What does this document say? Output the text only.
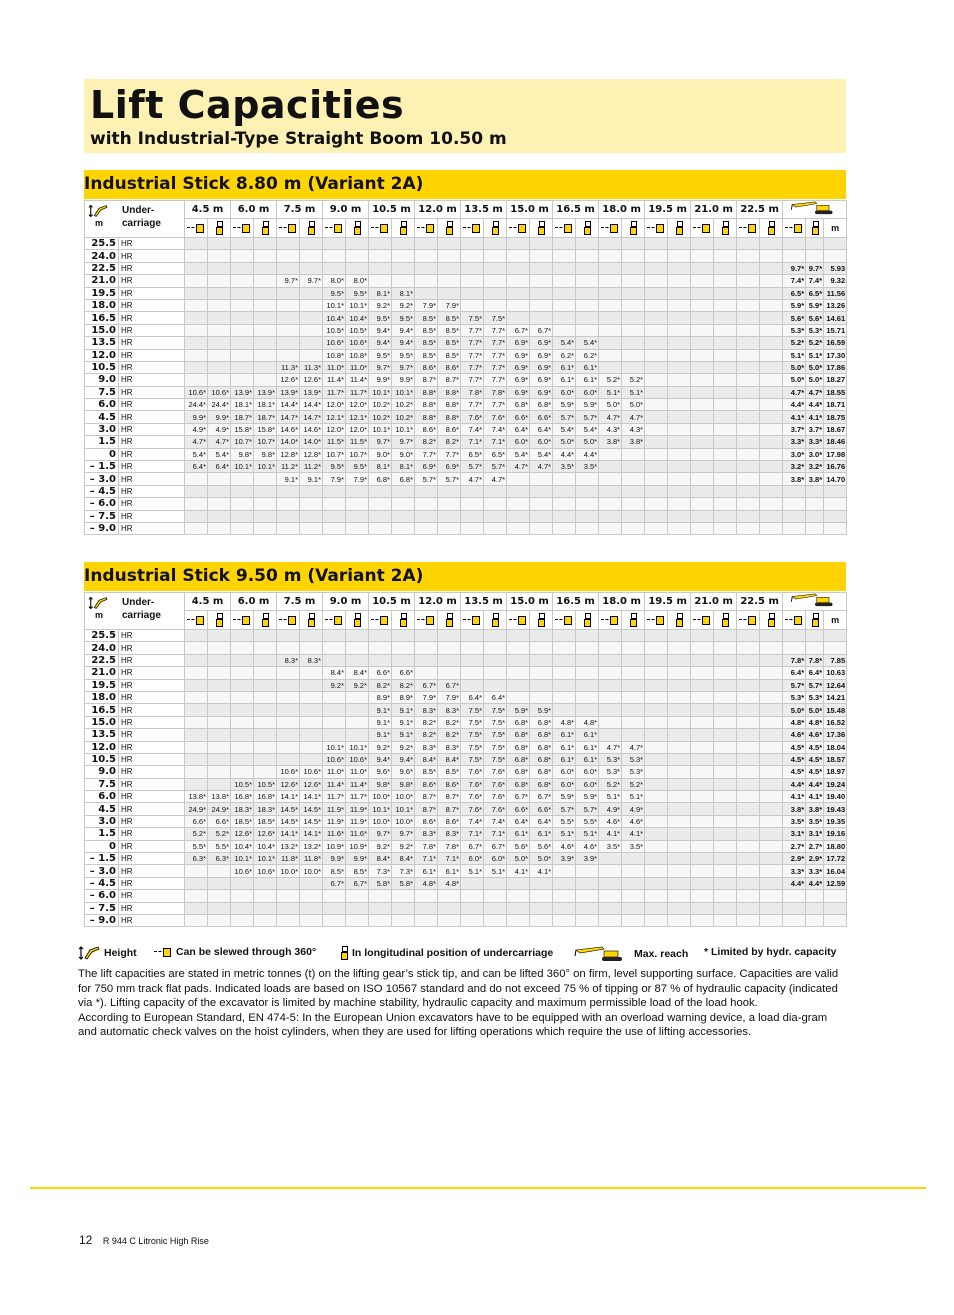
Lift Capacities
with Industrial-Type Straight Boom 10.50 m
Industrial Stick 8.80 m (Variant 2A)
m
Under-
carriage		4.5 m		6.0 m		7.5 m		9.0 m		10.5 m		12.0 m		13.5 m		15.0 m		16.5 m		18.0 m		19.5 m		21.0 m		22.5 m	

			m
25.5	HR																													
24.0	HR																													
22.5	HR																											9.7*	9.7*	5.93
21.0	HR					9.7*	9.7*	8.0*	8.0*																			7.4*	7.4*	9.32
19.5	HR							9.5*	9.5*	8.1*	8.1*																	6.5*	6.5*	11.56
18.0	HR							10.1*	10.1*	9.2*	9.2*	7.9*	7.9*															5.9*	5.9*	13.26
16.5	HR							10.4*	10.4*	9.5*	9.5*	8.5*	8.5*	7.5*	7.5*													5.6*	5.6*	14.61
15.0	HR							10.5*	10.5*	9.4*	9.4*	8.5*	8.5*	7.7*	7.7*	6.7*	6.7*											5.3*	5.3*	15.71
13.5	HR							10.6*	10.6*	9.4*	9.4*	8.5*	8.5*	7.7*	7.7*	6.9*	6.9*	5.4*	5.4*									5.2*	5.2*	16.59
12.0	HR							10.8*	10.8*	9.5*	9.5*	8.5*	8.5*	7.7*	7.7*	6.9*	6.9*	6.2*	6.2*									5.1*	5.1*	17.30
10.5	HR					11.3*	11.3*	11.0*	11.0*	9.7*	9.7*	8.6*	8.6*	7.7*	7.7*	6.9*	6.9*	6.1*	6.1*									5.0*	5.0*	17.86
9.0	HR					12.6*	12.6*	11.4*	11.4*	9.9*	9.9*	8.7*	8.7*	7.7*	7.7*	6.9*	6.9*	6.1*	6.1*	5.2*	5.2*							5.0*	5.0*	18.27
7.5	HR	10.6*	10.6*	13.9*	13.9*	13.9*	13.9*	11.7*	11.7*	10.1*	10.1*	8.8*	8.8*	7.8*	7.8*	6.9*	6.9*	6.0*	6.0*	5.1*	5.1*							4.7*	4.7*	18.55
6.0	HR	24.4*	24.4*	18.1*	18.1*	14.4*	14.4*	12.0*	12.0*	10.2*	10.2*	8.8*	8.8*	7.7*	7.7*	6.8*	6.8*	5.9*	5.9*	5.0*	5.0*							4.4*	4.4*	18.71
4.5	HR	9.9*	9.9*	18.7*	18.7*	14.7*	14.7*	12.1*	12.1*	10.2*	10.2*	8.8*	8.8*	7.6*	7.6*	6.6*	6.6*	5.7*	5.7*	4.7*	4.7*							4.1*	4.1*	18.75
3.0	HR	4.9*	4.9*	15.8*	15.8*	14.6*	14.6*	12.0*	12.0*	10.1*	10.1*	8.6*	8.6*	7.4*	7.4*	6.4*	6.4*	5.4*	5.4*	4.3*	4.3*							3.7*	3.7*	18.67
1.5	HR	4.7*	4.7*	10.7*	10.7*	14.0*	14.0*	11.5*	11.5*	9.7*	9.7*	8.2*	8.2*	7.1*	7.1*	6.0*	6.0*	5.0*	5.0*	3.8*	3.8*							3.3*	3.3*	18.46
0	HR	5.4*	5.4*	9.8*	9.8*	12.8*	12.8*	10.7*	10.7*	9.0*	9.0*	7.7*	7.7*	6.5*	6.5*	5.4*	5.4*	4.4*	4.4*									3.0*	3.0*	17.98
– 1.5	HR	6.4*	6.4*	10.1*	10.1*	11.2*	11.2*	9.5*	9.5*	8.1*	8.1*	6.9*	6.9*	5.7*	5.7*	4.7*	4.7*	3.5*	3.5*									3.2*	3.2*	16.76
– 3.0	HR					9.1*	9.1*	7.9*	7.9*	6.8*	6.8*	5.7*	5.7*	4.7*	4.7*													3.8*	3.8*	14.70
– 4.5	HR																													
– 6.0	HR																													
– 7.5	HR																													
– 9.0	HR																													
Industrial Stick 9.50 m (Variant 2A)
m
Under-
carriage		4.5 m		6.0 m		7.5 m		9.0 m		10.5 m		12.0 m		13.5 m		15.0 m		16.5 m		18.0 m		19.5 m		21.0 m		22.5 m	

			m
25.5	HR																													
24.0	HR																													
22.5	HR					8.3*	8.3*																					7.8*	7.8*	7.85
21.0	HR							8.4*	8.4*	6.6*	6.6*																	6.4*	6.4*	10.63
19.5	HR							9.2*	9.2*	8.2*	8.2*	6.7*	6.7*															5.7*	5.7*	12.64
18.0	HR									8.9*	8.9*	7.9*	7.9*	6.4*	6.4*													5.3*	5.3*	14.21
16.5	HR									9.1*	9.1*	8.3*	8.3*	7.5*	7.5*	5.9*	5.9*											5.0*	5.0*	15.48
15.0	HR									9.1*	9.1*	8.2*	8.2*	7.5*	7.5*	6.8*	6.8*	4.8*	4.8*									4.8*	4.8*	16.52
13.5	HR									9.1*	9.1*	8.2*	8.2*	7.5*	7.5*	6.8*	6.8*	6.1*	6.1*									4.6*	4.6*	17.36
12.0	HR							10.1*	10.1*	9.2*	9.2*	8.3*	8.3*	7.5*	7.5*	6.8*	6.8*	6.1*	6.1*	4.7*	4.7*							4.5*	4.5*	18.04
10.5	HR							10.6*	10.6*	9.4*	9.4*	8.4*	8.4*	7.5*	7.5*	6.8*	6.8*	6.1*	6.1*	5.3*	5.3*							4.5*	4.5*	18.57
9.0	HR					10.6*	10.6*	11.0*	11.0*	9.6*	9.6*	8.5*	8.5*	7.6*	7.6*	6.8*	6.8*	6.0*	6.0*	5.3*	5.3*							4.5*	4.5*	18.97
7.5	HR			10.5*	10.5*	12.6*	12.6*	11.4*	11.4*	9.8*	9.8*	8.6*	8.6*	7.6*	7.6*	6.8*	6.8*	6.0*	6.0*	5.2*	5.2*							4.4*	4.4*	19.24
6.0	HR	13.8*	13.8*	16.8*	16.8*	14.1*	14.1*	11.7*	11.7*	10.0*	10.0*	8.7*	8.7*	7.6*	7.6*	6.7*	6.7*	5.9*	5.9*	5.1*	5.1*							4.1*	4.1*	19.40
4.5	HR	24.9*	24.9*	18.3*	18.3*	14.5*	14.5*	11.9*	11.9*	10.1*	10.1*	8.7*	8.7*	7.6*	7.6*	6.6*	6.6*	5.7*	5.7*	4.9*	4.9*							3.8*	3.8*	19.43
3.0	HR	6.6*	6.6*	18.5*	18.5*	14.5*	14.5*	11.9*	11.9*	10.0*	10.0*	8.6*	8.6*	7.4*	7.4*	6.4*	6.4*	5.5*	5.5*	4.6*	4.6*							3.5*	3.5*	19.35
1.5	HR	5.2*	5.2*	12.6*	12.6*	14.1*	14.1*	11.6*	11.6*	9.7*	9.7*	8.3*	8.3*	7.1*	7.1*	6.1*	6.1*	5.1*	5.1*	4.1*	4.1*							3.1*	3.1*	19.16
0	HR	5.5*	5.5*	10.4*	10.4*	13.2*	13.2*	10.9*	10.9*	9.2*	9.2*	7.8*	7.8*	6.7*	6.7*	5.6*	5.6*	4.6*	4.6*	3.5*	3.5*							2.7*	2.7*	18.80
– 1.5	HR	6.3*	6.3*	10.1*	10.1*	11.8*	11.8*	9.9*	9.9*	8.4*	8.4*	7.1*	7.1*	6.0*	6.0*	5.0*	5.0*	3.9*	3.9*									2.9*	2.9*	17.72
– 3.0	HR			10.6*	10.6*	10.0*	10.0*	8.5*	8.5*	7.3*	7.3*	6.1*	6.1*	5.1*	5.1*	4.1*	4.1*											3.3*	3.3*	16.04
– 4.5	HR							6.7*	6.7*	5.8*	5.8*	4.8*	4.8*															4.4*	4.4*	12.59
– 6.0	HR																													
– 7.5	HR																													
– 9.0	HR																													
Height	Can be slewed through 360°	In longitudinal position of undercarriage	Max. reach * Limited by hydr. capacity

The lift capacities are stated in metric tonnes (t) on the lifting gear’s stick tip, and can be lifted 360° on firm, level supporting surface. Capacities are valid for 750 mm track flat pads. Indicated loads are based on ISO 10567 standard and do not exceed 75 % of tipping or 87 % of hydraulic capacity (indicated via *). Lifting capacity of the excavator is limited by machine stability, hydraulic capacity and maximum permissible load of the load hook.

According to European Standard, EN 474-5: In the European Union excavators have to be equipped with an overload warning device, a load dia-gram and automatic check valves on the hoist cylinders, when they are used for lifting operations which require the use of lifting accessories.

12 R 944 C Litronic High Rise
